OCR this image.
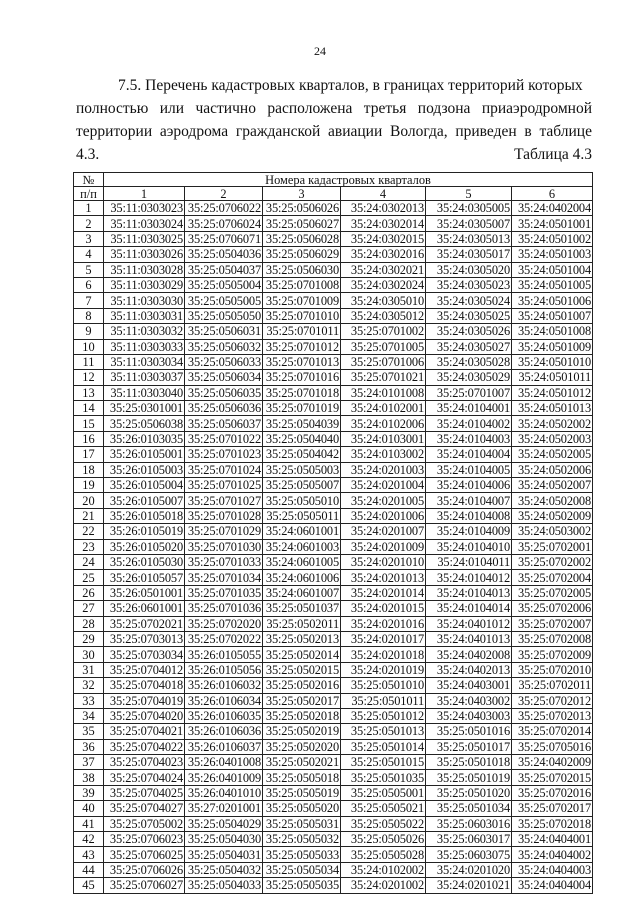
24
7.5. Перечень кадастровых кварталов, в границах территорий которых
полностью или частично расположена третья подзона приаэродромной территории аэродрома гражданской авиации Вологда, приведен в таблице 4.3.	Таблица 4.3
№	Номера кадастровых кварталов					
п/п	1	2	3	4	5	6
1	35:11:0303023	35:25:0706022	35:25:0506026	35:24:0302013	35:24:0305005	35:24:0402004
2	35:11:0303024	35:25:0706024	35:25:0506027	35:24:0302014	35:24:0305007	35:24:0501001
3	35:11:0303025	35:25:0706071	35:25:0506028	35:24:0302015	35:24:0305013	35:24:0501002
4	35:11:0303026	35:25:0504036	35:25:0506029	35:24:0302016	35:24:0305017	35:24:0501003
5	35:11:0303028	35:25:0504037	35:25:0506030	35:24:0302021	35:24:0305020	35:24:0501004
6	35:11:0303029	35:25:0505004	35:25:0701008	35:24:0302024	35:24:0305023	35:24:0501005
7	35:11:0303030	35:25:0505005	35:25:0701009	35:24:0305010	35:24:0305024	35:24:0501006
8	35:11:0303031	35:25:0505050	35:25:0701010	35:24:0305012	35:24:0305025	35:24:0501007
9	35:11:0303032	35:25:0506031	35:25:0701011	35:25:0701002	35:24:0305026	35:24:0501008
10	35:11:0303033	35:25:0506032	35:25:0701012	35:25:0701005	35:24:0305027	35:24:0501009
11	35:11:0303034	35:25:0506033	35:25:0701013	35:25:0701006	35:24:0305028	35:24:0501010
12	35:11:0303037	35:25:0506034	35:25:0701016	35:25:0701021	35:24:0305029	35:24:0501011
13	35:11:0303040	35:25:0506035	35:25:0701018	35:24:0101008	35:25:0701007	35:24:0501012
14	35:25:0301001	35:25:0506036	35:25:0701019	35:24:0102001	35:24:0104001	35:24:0501013
15	35:25:0506038	35:25:0506037	35:25:0504039	35:24:0102006	35:24:0104002	35:24:0502002
16	35:26:0103035	35:25:0701022	35:25:0504040	35:24:0103001	35:24:0104003	35:24:0502003
17	35:26:0105001	35:25:0701023	35:25:0504042	35:24:0103002	35:24:0104004	35:24:0502005
18	35:26:0105003	35:25:0701024	35:25:0505003	35:24:0201003	35:24:0104005	35:24:0502006
19	35:26:0105004	35:25:0701025	35:25:0505007	35:24:0201004	35:24:0104006	35:24:0502007
20	35:26:0105007	35:25:0701027	35:25:0505010	35:24:0201005	35:24:0104007	35:24:0502008
21	35:26:0105018	35:25:0701028	35:25:0505011	35:24:0201006	35:24:0104008	35:24:0502009
22	35:26:0105019	35:25:0701029	35:24:0601001	35:24:0201007	35:24:0104009	35:24:0503002
23	35:26:0105020	35:25:0701030	35:24:0601003	35:24:0201009	35:24:0104010	35:25:0702001
24	35:26:0105030	35:25:0701033	35:24:0601005	35:24:0201010	35:24:0104011	35:25:0702002
25	35:26:0105057	35:25:0701034	35:24:0601006	35:24:0201013	35:24:0104012	35:25:0702004
26	35:26:0501001	35:25:0701035	35:24:0601007	35:24:0201014	35:24:0104013	35:25:0702005
27	35:26:0601001	35:25:0701036	35:25:0501037	35:24:0201015	35:24:0104014	35:25:0702006
28	35:25:0702021	35:25:0702020	35:25:0502011	35:24:0201016	35:24:0401012	35:25:0702007
29	35:25:0703013	35:25:0702022	35:25:0502013	35:24:0201017	35:24:0401013	35:25:0702008
30	35:25:0703034	35:26:0105055	35:25:0502014	35:24:0201018	35:24:0402008	35:25:0702009
31	35:25:0704012	35:26:0105056	35:25:0502015	35:24:0201019	35:24:0402013	35:25:0702010
32	35:25:0704018	35:26:0106032	35:25:0502016	35:25:0501010	35:24:0403001	35:25:0702011
33	35:25:0704019	35:26:0106034	35:25:0502017	35:25:0501011	35:24:0403002	35:25:0702012
34	35:25:0704020	35:26:0106035	35:25:0502018	35:25:0501012	35:24:0403003	35:25:0702013
35	35:25:0704021	35:26:0106036	35:25:0502019	35:25:0501013	35:25:0501016	35:25:0702014
36	35:25:0704022	35:26:0106037	35:25:0502020	35:25:0501014	35:25:0501017	35:25:0705016
37	35:25:0704023	35:26:0401008	35:25:0502021	35:25:0501015	35:25:0501018	35:24:0402009
38	35:25:0704024	35:26:0401009	35:25:0505018	35:25:0501035	35:25:0501019	35:25:0702015
39	35:25:0704025	35:26:0401010	35:25:0505019	35:25:0505001	35:25:0501020	35:25:0702016
40	35:25:0704027	35:27:0201001	35:25:0505020	35:25:0505021	35:25:0501034	35:25:0702017
41	35:25:0705002	35:25:0504029	35:25:0505031	35:25:0505022	35:25:0603016	35:25:0702018
42	35:25:0706023	35:25:0504030	35:25:0505032	35:25:0505026	35:25:0603017	35:24:0404001
43	35:25:0706025	35:25:0504031	35:25:0505033	35:25:0505028	35:25:0603075	35:24:0404002
44	35:25:0706026	35:25:0504032	35:25:0505034	35:24:0102002	35:24:0201020	35:24:0404003
45	35:25:0706027	35:25:0504033	35:25:0505035	35:24:0201002	35:24:0201021	35:24:0404004
